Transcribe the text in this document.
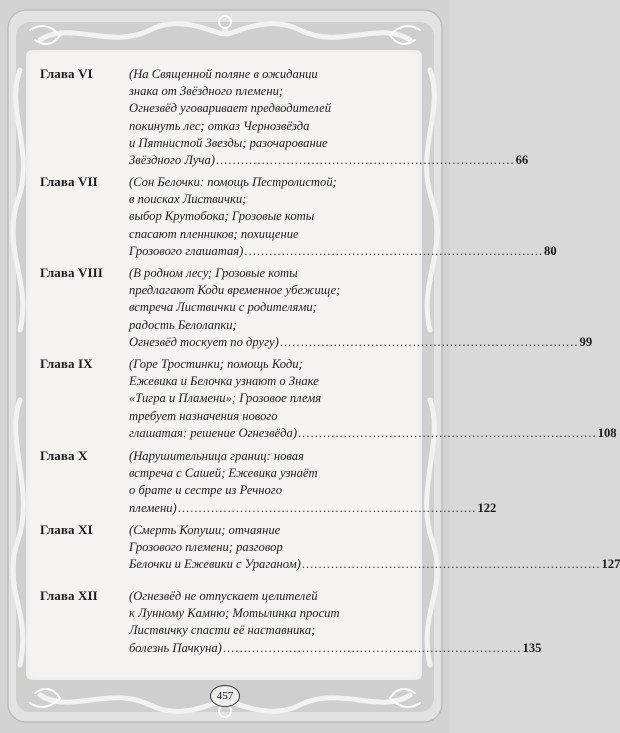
Глава VI	(На Священной поляне в ожидании
знака от Звёздного племени;
Огнезвёд уговаривает предводителей
покинуть лес; отказ Чернозвёзда
и Пятнистой Звезды; разочарование
Звёздного Луча) ........................................................................ 66
Глава VII (Сон Белочки: помощь Пестролистой;
в поисках Листвички;
выбор Крутобока; Грозовые коты
спасают пленников; похищение
Грозового глашатая) ........................................................................ 80
Глава VIII (В родном лесу; Грозовые коты
предлагают Коди временное убежище;
встреча Листвички с родителями;
радость Белолапки;
Огнезвёд тоскует по другу) ........................................................................ 99
Глава IX	(Горе Тростинки; помощь Коди;
Ежевика и Белочка узнают о Знаке
«Тигра и Пламени»; Грозовое племя
требует назначения нового
глашатая: решение Огнезвёда) ........................................................................ 108
Глава X	(Нарушительница границ: новая
встреча с Сашей; Ежевика узнаёт
о брате и сестре из Речного
племени) ........................................................................ 122
Глава XI	(Смерть Копуши; отчаяние
Грозового племени; разговор
Белочки и Ежевики с Ураганом) ........................................................................ 127
Глава XII (Огнезвёд не отпускает целителей
к Лунному Камню; Мотылинка просит
Листвичку спасти её наставника;
болезнь Пачкуна) ........................................................................ 135
457
